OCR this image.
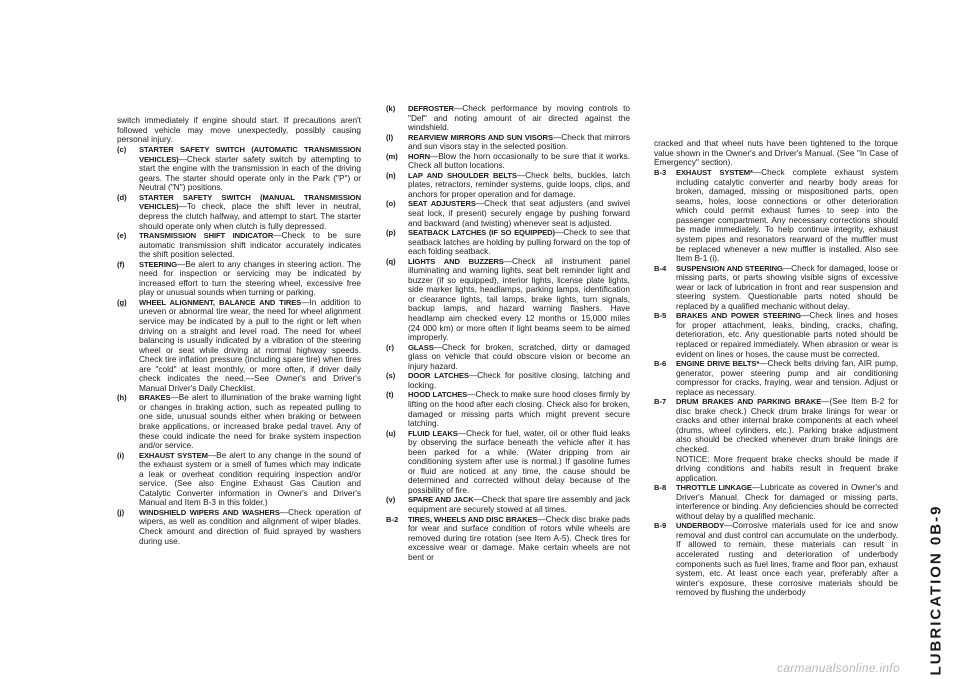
switch immediately if engine should start. If precautions aren't followed vehicle may move unexpectedly, possibly causing personal injury.

(c) STARTER SAFETY SWITCH (AUTOMATIC TRANSMISSION VEHICLES)—Check starter safety switch by attempting to start the engine with the transmission in each of the driving gears. The starter should operate only in the Park ("P") or Neutral ("N") positions.

(d) STARTER SAFETY SWITCH (MANUAL TRANSMISSION VEHICLES)—To check, place the shift lever in neutral, depress the clutch halfway, and attempt to start. The starter should operate only when clutch is fully depressed.

(e) TRANSMISSION SHIFT INDICATOR—Check to be sure automatic transmission shift indicator accurately indicates the shift position selected.

(f) STEERING—Be alert to any changes in steering action. The need for inspection or servicing may be indicated by increased effort to turn the steering wheel, excessive free play or unusual sounds when turning or parking.

(g) WHEEL ALIGNMENT, BALANCE AND TIRES—In addition to uneven or abnormal tire wear, the need for wheel alignment service may be indicated by a pull to the right or left when driving on a straight and level road. The need for wheel balancing is usually indicated by a vibration of the steering wheel or seat while driving at normal highway speeds. Check tire inflation pressure (including spare tire) when tires are "cold" at least monthly, or more often, if driver daily check indicates the need.—See Owner's and Driver's Manual Driver's Daily Checklist.

(h) BRAKES—Be alert to illumination of the brake warning light or changes in braking action, such as repeated pulling to one side, unusual sounds either when braking or between brake applications, or increased brake pedal travel. Any of these could indicate the need for brake system inspection and/or service.

(i) EXHAUST SYSTEM—Be alert to any change in the sound of the exhaust system or a smell of fumes which may indicate a leak or overheat condition requiring inspection and/or service. (See also Engine Exhaust Gas Caution and Catalytic Converter information in Owner's and Driver's Manual and Item B-3 in this folder.)

(j) WINDSHIELD WIPERS AND WASHERS—Check operation of wipers, as well as condition and alignment of wiper blades. Check amount and direction of fluid sprayed by washers during use.

(k) DEFROSTER—Check performance by moving controls to "Def" and noting amount of air directed against the windshield.

(l) REARVIEW MIRRORS AND SUN VISORS—Check that mirrors and sun visors stay in the selected position.

(m) HORN—Blow the horn occasionally to be sure that it works. Check all button locations.

(n) LAP AND SHOULDER BELTS—Check belts, buckles, latch plates, retractors, reminder systems, guide loops, clips, and anchors for proper operation and for damage.

(o) SEAT ADJUSTERS—Check that seat adjusters (and swivel seat lock, if present) securely engage by pushing forward and backward (and twisting) whenever seat is adjusted.

(p) SEATBACK LATCHES (IF SO EQUIPPED)—Check to see that seatback latches are holding by pulling forward on the top of each folding seatback.

(q) LIGHTS AND BUZZERS—Check all instrument panel illuminating and warning lights, seat belt reminder light and buzzer (if so equipped), interior lights, license plate lights, side marker lights, headlamps, parking lamps, identification or clearance lights, tail lamps, brake lights, turn signals, backup lamps, and hazard warning flashers. Have headlamp aim checked every 12 months or 15,000 miles (24 000 km) or more often if light beams seem to be aimed improperly.

(r) GLASS—Check for broken, scratched, dirty or damaged glass on vehicle that could obscure vision or become an injury hazard.

(s) DOOR LATCHES—Check for positive closing, latching and locking.

(t) HOOD LATCHES—Check to make sure hood closes firmly by lifting on the hood after each closing. Check also for broken, damaged or missing parts which might prevent secure latching.

(u) FLUID LEAKS—Check for fuel, water, oil or other fluid leaks by observing the surface beneath the vehicle after it has been parked for a while. (Water dripping from air conditioning system after use is normal.) If gasoline fumes or fluid are noticed at any time, the cause should be determined and corrected without delay because of the possibility of fire.

(v) SPARE AND JACK—Check that spare tire assembly and jack equipment are securely stowed at all times.

B-2 TIRES, WHEELS AND DISC BRAKES—Check disc brake pads for wear and surface condition of rotors while wheels are removed during tire rotation (see Item A-5). Check tires for excessive wear or damage. Make certain wheels are not bent or

cracked and that wheel nuts have been tightened to the torque value shown in the Owner's and Driver's Manual. (See "In Case of Emergency" section).

B-3 EXHAUST SYSTEM*—Check complete exhaust system including catalytic converter and nearby body areas for broken, damaged, missing or mispositioned parts, open seams, holes, loose connections or other deterioration which could permit exhaust fumes to seep into the passenger compartment. Any necessary corrections should be made immediately. To help continue integrity, exhaust system pipes and resonators rearward of the muffler must be replaced whenever a new muffler is installed. Also see Item B-1 (i).

B-4 SUSPENSION AND STEERING—Check for damaged, loose or missing parts, or parts showing visible signs of excessive wear or lack of lubrication in front and rear suspension and steering system. Questionable parts noted should be replaced by a qualified mechanic without delay.

B-5 BRAKES AND POWER STEERING—Check lines and hoses for proper attachment, leaks, binding, cracks, chafing, deterioration, etc. Any questionable parts noted should be replaced or repaired immediately. When abrasion or wear is evident on lines or hoses, the cause must be corrected.

B-6 ENGINE DRIVE BELTS*—Check belts driving fan, AIR pump, generator, power steering pump and air conditioning compressor for cracks, fraying, wear and tension. Adjust or replace as necessary.

B-7 DRUM BRAKES AND PARKING BRAKE—(See Item B-2 for disc brake check.) Check drum brake linings for wear or cracks and other internal brake components at each wheel (drums, wheel cylinders, etc.). Parking brake adjustment also should be checked whenever drum brake linings are checked.

NOTICE: More frequent brake checks should be made if driving conditions and habits result in frequent brake application.

B-8 THROTTLE LINKAGE—Lubricate as covered in Owner's and Driver's Manual. Check for damaged or missing parts, interference or binding. Any deficiencies should be corrected without delay by a qualified mechanic.

B-9 UNDERBODY—Corrosive materials used for ice and snow removal and dust control can accumulate on the underbody. If allowed to remain, these materials can result in accelerated rusting and deterioration of underbody components such as fuel lines, frame and floor pan, exhaust system, etc. At least once each year, preferably after a winter's exposure, these corrosive materials should be removed by flushing the underbody	LUBRICATION 0B-9
carmanualsonline.info
